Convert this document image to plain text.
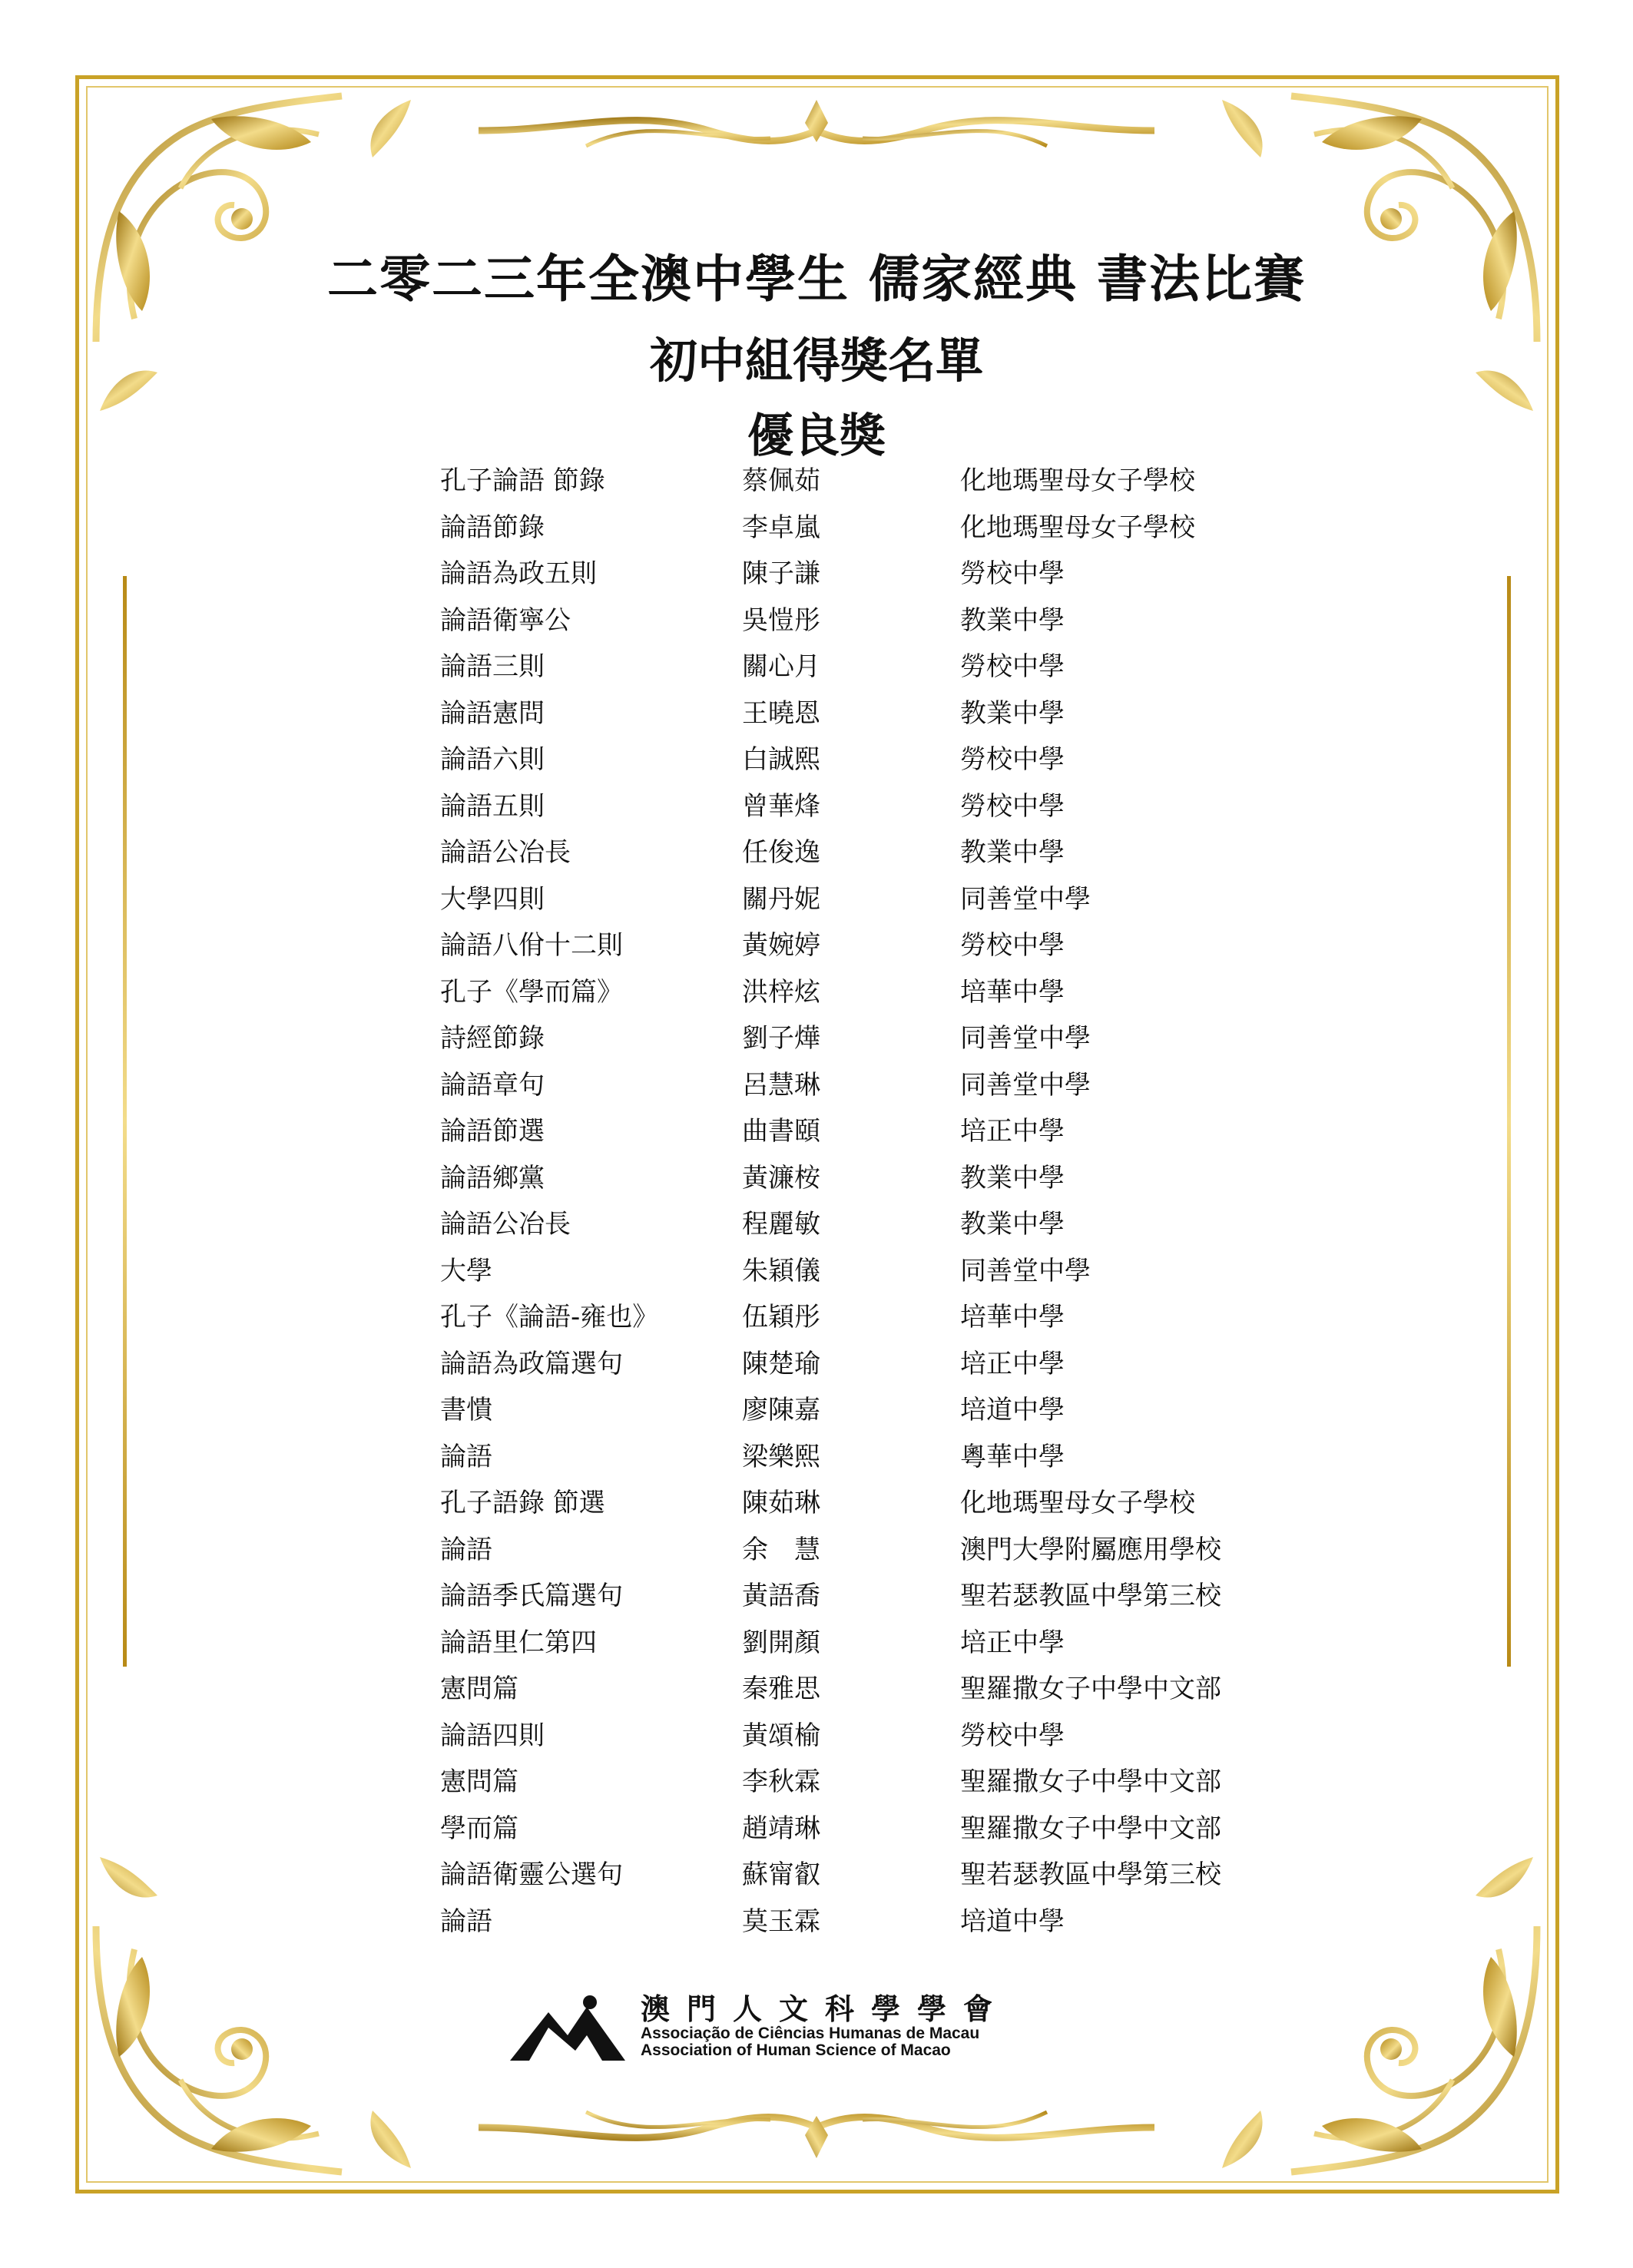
二零二三年全澳中學生 儒家經典 書法比賽
初中組得獎名單
優良獎
孔子論語 節錄	蔡佩茹	化地瑪聖母女子學校
論語節錄	李卓嵐	化地瑪聖母女子學校
論語為政五則	陳子謙	勞校中學
論語衛寧公	吳愷彤	教業中學
論語三則	關心月	勞校中學
論語憲問	王曉恩	教業中學
論語六則	白誠熙	勞校中學
論語五則	曾華烽	勞校中學
論語公冶長	任俊逸	教業中學
大學四則	關丹妮	同善堂中學
論語八佾十二則	黃婉婷	勞校中學
孔子《學而篇》	洪梓炫	培華中學
詩經節錄	劉子燁	同善堂中學
論語章句	呂慧琳	同善堂中學
論語節選	曲書頤	培正中學
論語鄉黨	黃濂桉	教業中學
論語公冶長	程麗敏	教業中學
大學	朱穎儀	同善堂中學
孔子《論語-雍也》	伍穎彤	培華中學
論語為政篇選句	陳楚瑜	培正中學
書憒	廖陳嘉	培道中學
論語	梁樂熙	粵華中學
孔子語錄 節選	陳茹琳	化地瑪聖母女子學校
論語	余　慧	澳門大學附屬應用學校
論語季氏篇選句	黃語喬	聖若瑟教區中學第三校
論語里仁第四	劉開顏	培正中學
憲問篇	秦雅思	聖羅撒女子中學中文部
論語四則	黃頌榆	勞校中學
憲問篇	李秋霖	聖羅撒女子中學中文部
學而篇	趙靖琳	聖羅撒女子中學中文部
論語衛靈公選句	蘇甯叡	聖若瑟教區中學第三校
論語	莫玉霖	培道中學
澳門人文科學學會
Associação de Ciências Humanas de Macau
Association of Human Science of Macao
